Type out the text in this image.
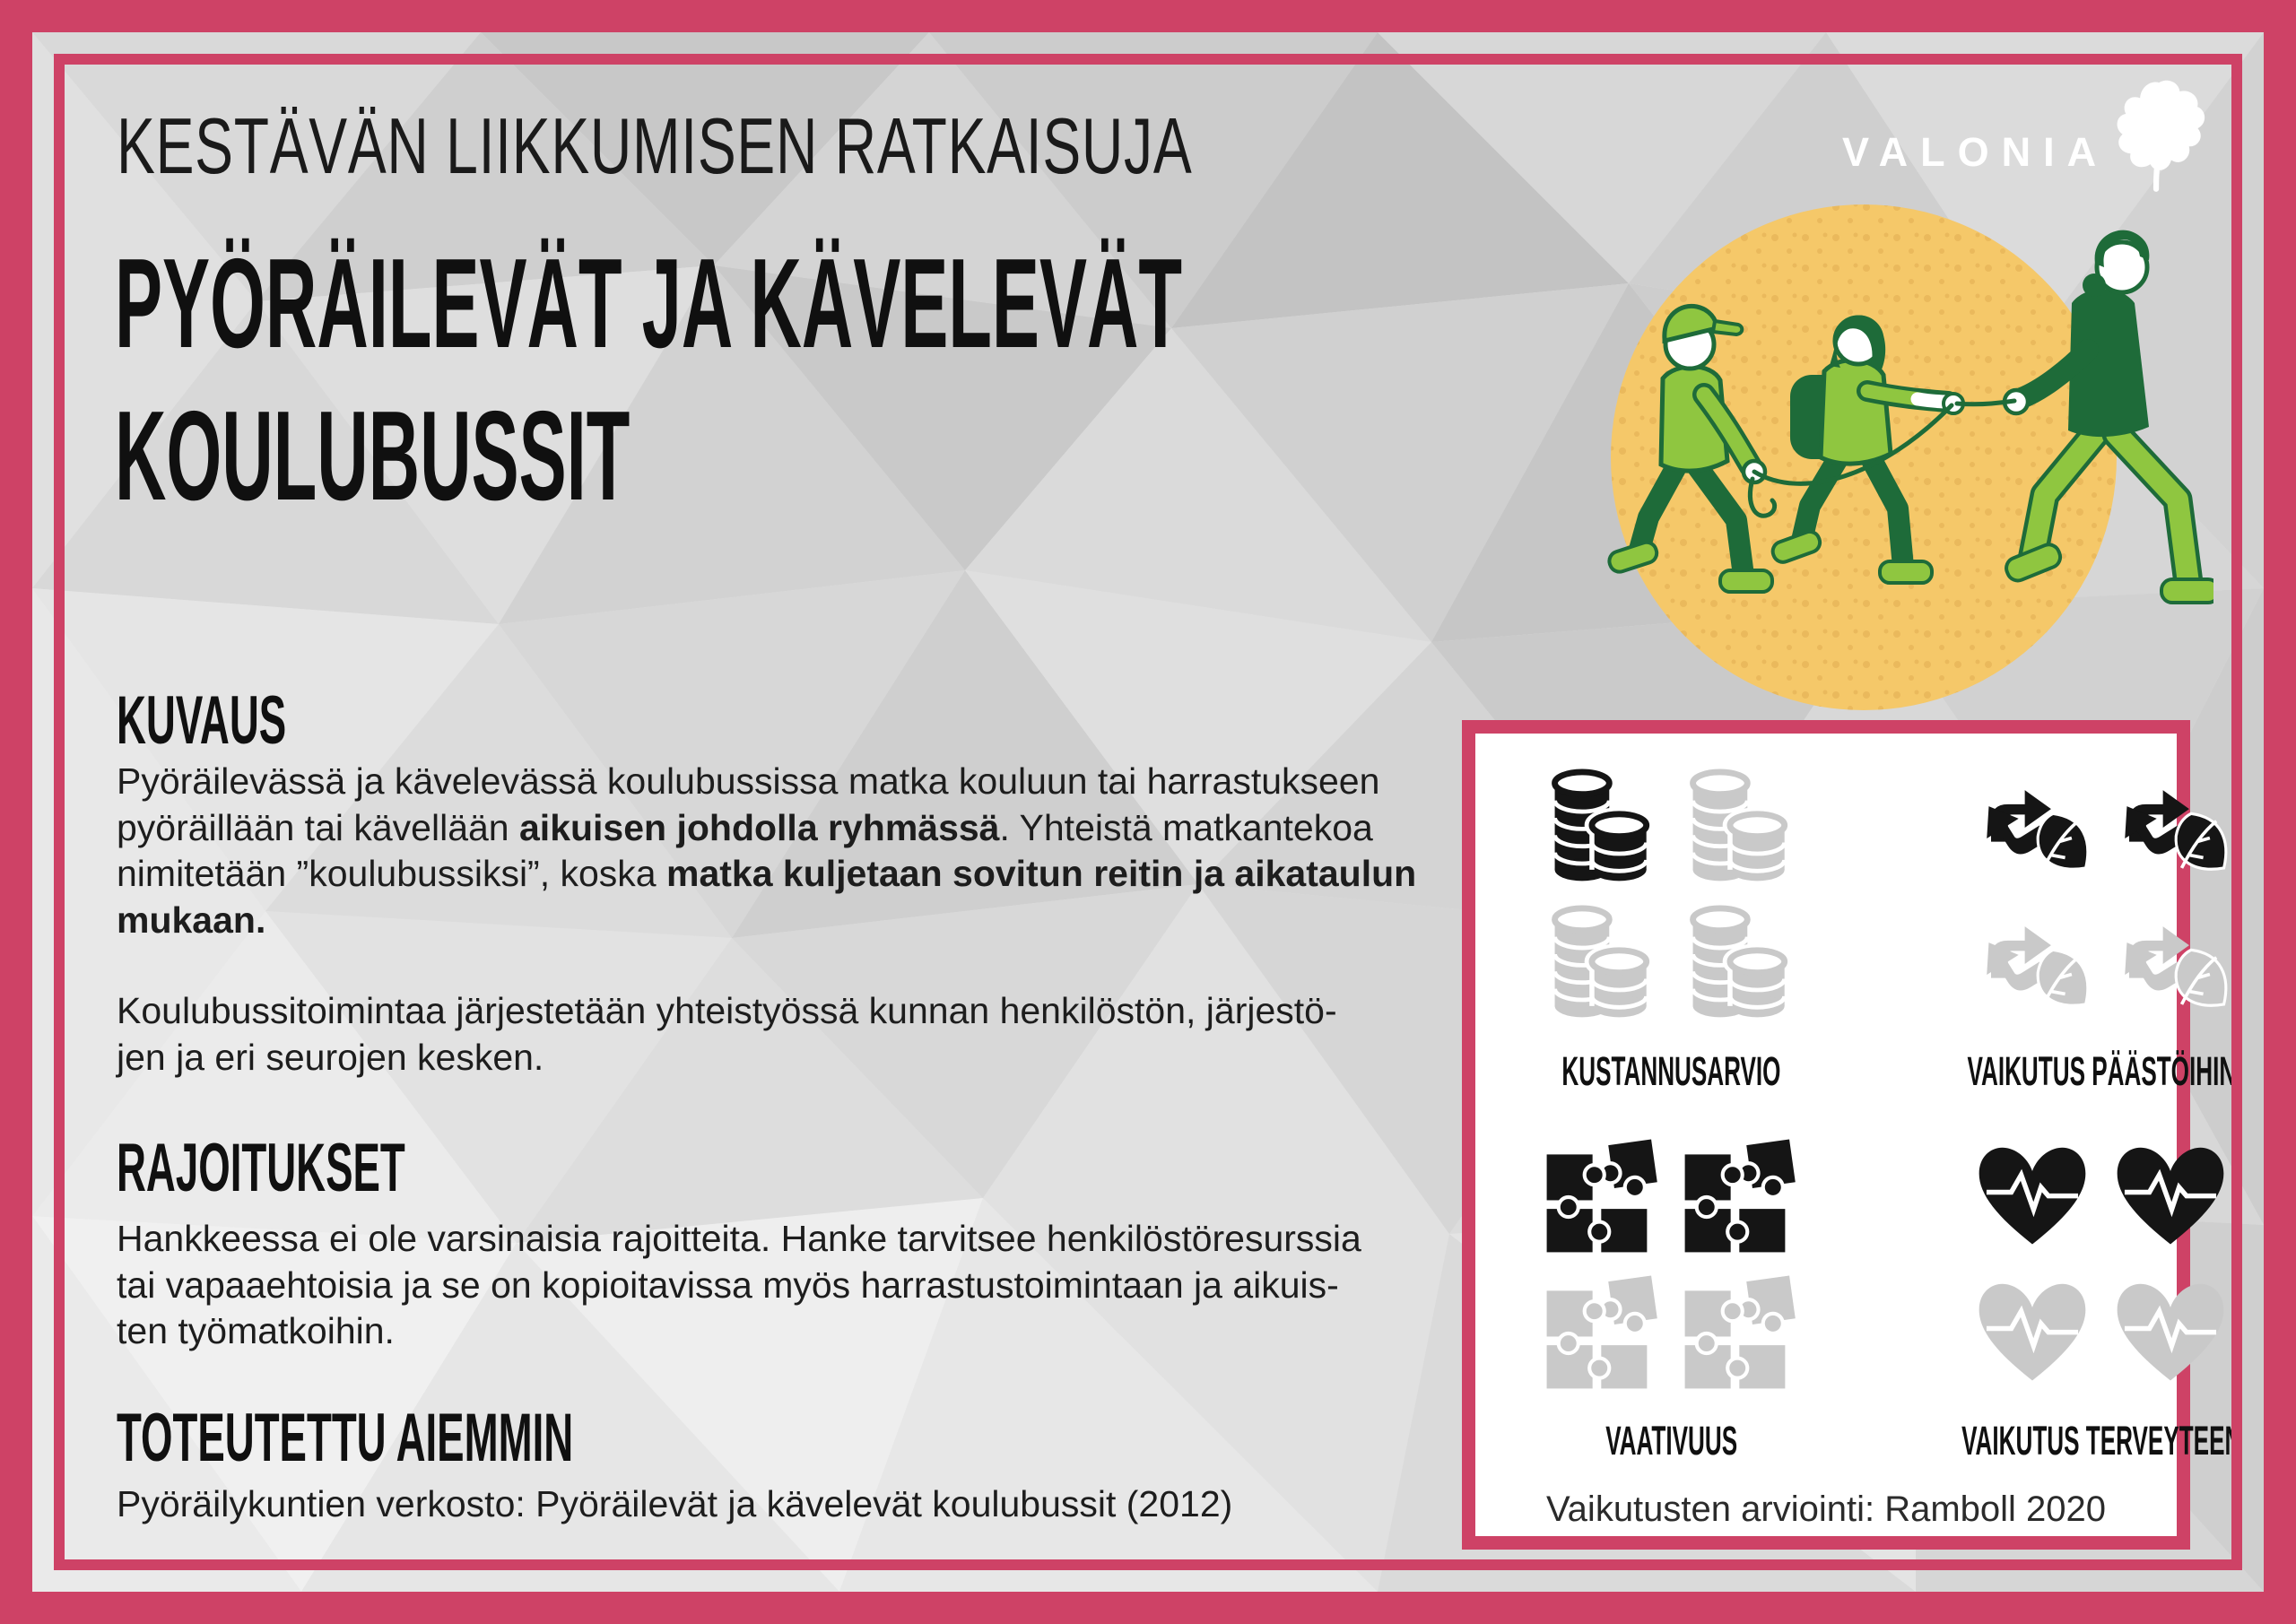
KESTÄVÄN LIIKKUMISEN RATKAISUJA
PYÖRÄILEVÄT JA KÄVELEVÄT
KOULUBUSSIT
VALONIA
KUVAUS
Pyöräilevässä ja kävelevässä koulubussissa matka kouluun tai harrastukseen
pyöräillään tai kävellään aikuisen johdolla ryhmässä. Yhteistä matkantekoa
nimitetään ”koulubussiksi”, koska matka kuljetaan sovitun reitin ja aikataulun
mukaan.
Koulubussitoimintaa järjestetään yhteistyössä kunnan henkilöstön, järjestö-
jen ja eri seurojen kesken.
RAJOITUKSET
Hankkeessa ei ole varsinaisia rajoitteita. Hanke tarvitsee henkilöstöresurssia
tai vapaaehtoisia ja se on kopioitavissa myös harrastustoimintaan ja aikuis-
ten työmatkoihin.
TOTEUTETTU AIEMMIN
Pyöräilykuntien verkosto: Pyöräilevät ja kävelevät koulubussit (2012)
KUSTANNUSARVIO	VAIKUTUS PÄÄSTÖIHIN
VAATIVUUS	VAIKUTUS TERVEYTEEN
Vaikutusten arviointi: Ramboll 2020
